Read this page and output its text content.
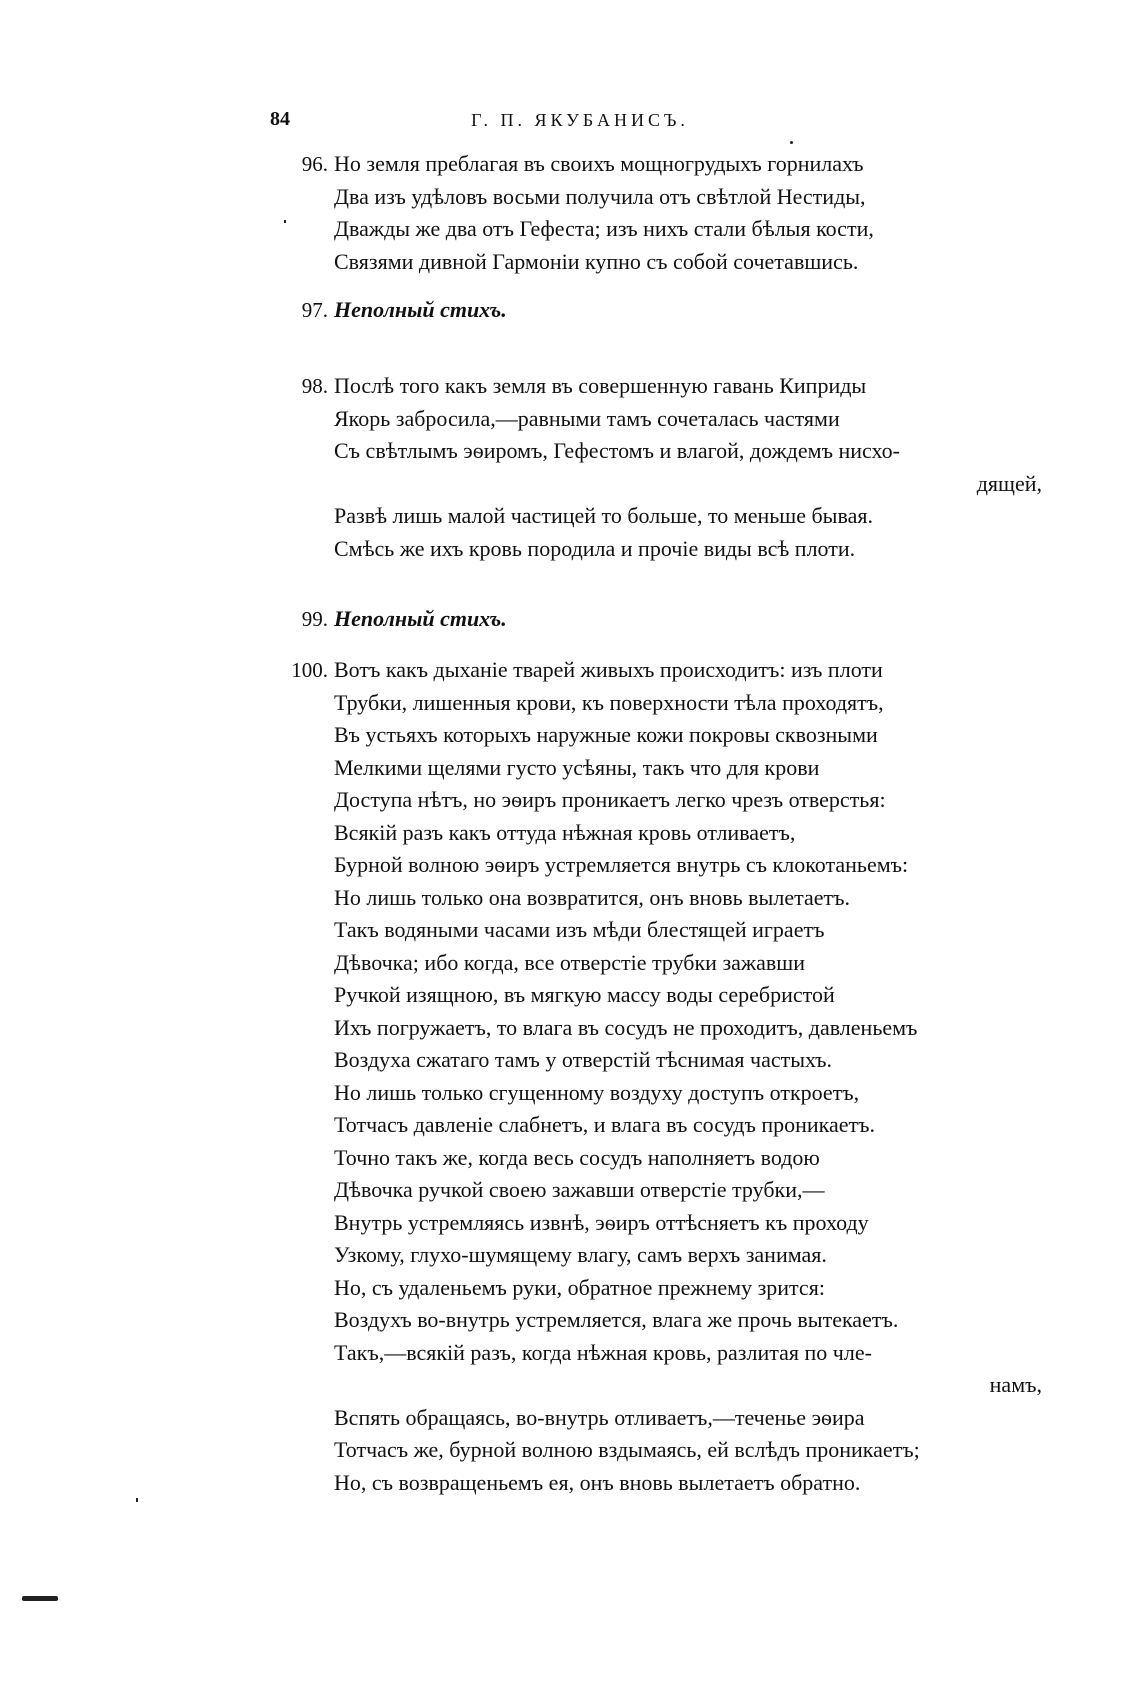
84	Г. П. ЯКУБАНИСЪ.
96. Но земля преблагая въ своихъ мощногрудыхъ горнилахъ
Два изъ удѣловъ восьми получила отъ свѣтлой Нестиды,
Дважды же два отъ Гефеста; изъ нихъ стали бѣлыя кости,
Связями дивной Гармоніи купно съ собой сочетавшись.
97. Неполный стихъ.
98. Послѣ того какъ земля въ совершенную гавань Киприды
Якорь забросила,—равными тамъ сочеталась частями
Съ свѣтлымъ эѳиромъ, Гефестомъ и влагой, дождемъ нисхо-
дящей,
Развѣ лишь малой частицей то больше, то меньше бывая.
Смѣсь же ихъ кровь породила и прочіе виды всѣ плоти.
99. Неполный стихъ.
100. Вотъ какъ дыханіе тварей живыхъ происходитъ: изъ плоти
Трубки, лишенныя крови, къ поверхности тѣла проходятъ,
Въ устьяхъ которыхъ наружные кожи покровы сквозными
Мелкими щелями густо усѣяны, такъ что для крови
Доступа нѣтъ, но эѳиръ проникаетъ легко чрезъ отверстья:
Всякій разъ какъ оттуда нѣжная кровь отливаетъ,
Бурной волною эѳиръ устремляется внутрь съ клокотаньемъ:
Но лишь только она возвратится, онъ вновь вылетаетъ.
Такъ водяными часами изъ мѣди блестящей играетъ
Дѣвочка; ибо когда, все отверстіе трубки зажавши
Ручкой изящною, въ мягкую массу воды серебристой
Ихъ погружаетъ, то влага въ сосудъ не проходитъ, давленьемъ
Воздуха сжатаго тамъ у отверстій тѣснимая частыхъ.
Но лишь только сгущенному воздуху доступъ откроетъ,
Тотчасъ давленіе слабнетъ, и влага въ сосудъ проникаетъ.
Точно такъ же, когда весь сосудъ наполняетъ водою
Дѣвочка ручкой своею зажавши отверстіе трубки,—
Внутрь устремляясь извнѣ, эѳиръ оттѣсняетъ къ проходу
Узкому, глухо-шумящему влагу, самъ верхъ занимая.
Но, съ удаленьемъ руки, обратное прежнему зрится:
Воздухъ во-внутрь устремляется, влага же прочь вытекаетъ.
Такъ,—всякій разъ, когда нѣжная кровь, разлитая по чле-
намъ,
Вспять обращаясь, во-внутрь отливаетъ,—теченье эѳира
Тотчасъ же, бурной волною вздымаясь, ей вслѣдъ проникаетъ;
Но, съ возвращеньемъ ея, онъ вновь вылетаетъ обратно.
